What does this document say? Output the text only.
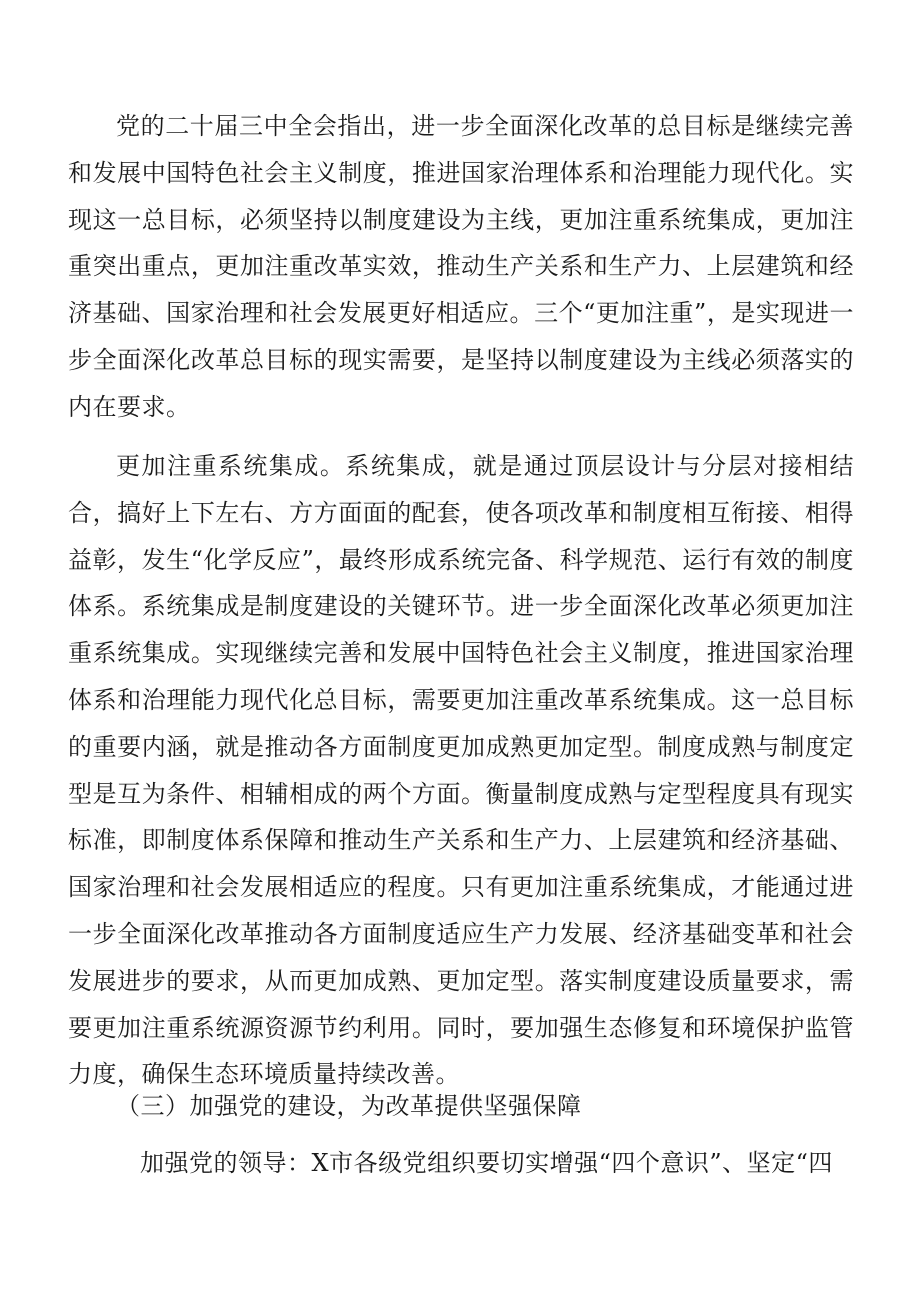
党的二十届三中全会指出，进一步全面深化改革的总目标是继续完善和发展中国特色社会主义制度，推进国家治理体系和治理能力现代化。实现这一总目标，必须坚持以制度建设为主线，更加注重系统集成，更加注重突出重点，更加注重改革实效，推动生产关系和生产力、上层建筑和经济基础、国家治理和社会发展更好相适应。三个“更加注重”，是实现进一步全面深化改革总目标的现实需要，是坚持以制度建设为主线必须落实的内在要求。

更加注重系统集成。系统集成，就是通过顶层设计与分层对接相结合，搞好上下左右、方方面面的配套，使各项改革和制度相互衔接、相得益彰，发生“化学反应”，最终形成系统完备、科学规范、运行有效的制度体系。系统集成是制度建设的关键环节。进一步全面深化改革必须更加注重系统集成。实现继续完善和发展中国特色社会主义制度，推进国家治理体系和治理能力现代化总目标，需要更加注重改革系统集成。这一总目标的重要内涵，就是推动各方面制度更加成熟更加定型。制度成熟与制度定型是互为条件、相辅相成的两个方面。衡量制度成熟与定型程度具有现实标准，即制度体系保障和推动生产关系和生产力、上层建筑和经济基础、国家治理和社会发展相适应的程度。只有更加注重系统集成，才能通过进一步全面深化改革推动各方面制度适应生产力发展、经济基础变革和社会发展进步的要求，从而更加成熟、更加定型。落实制度建设质量要求，需要更加注重系统源资源节约利用。同时，要加强生态修复和环境保护监管力度，确保生态环境质量持续改善。

（三）加强党的建设，为改革提供坚强保障

加强党的领导：X市各级党组织要切实增强“四个意识”、坚定“四
